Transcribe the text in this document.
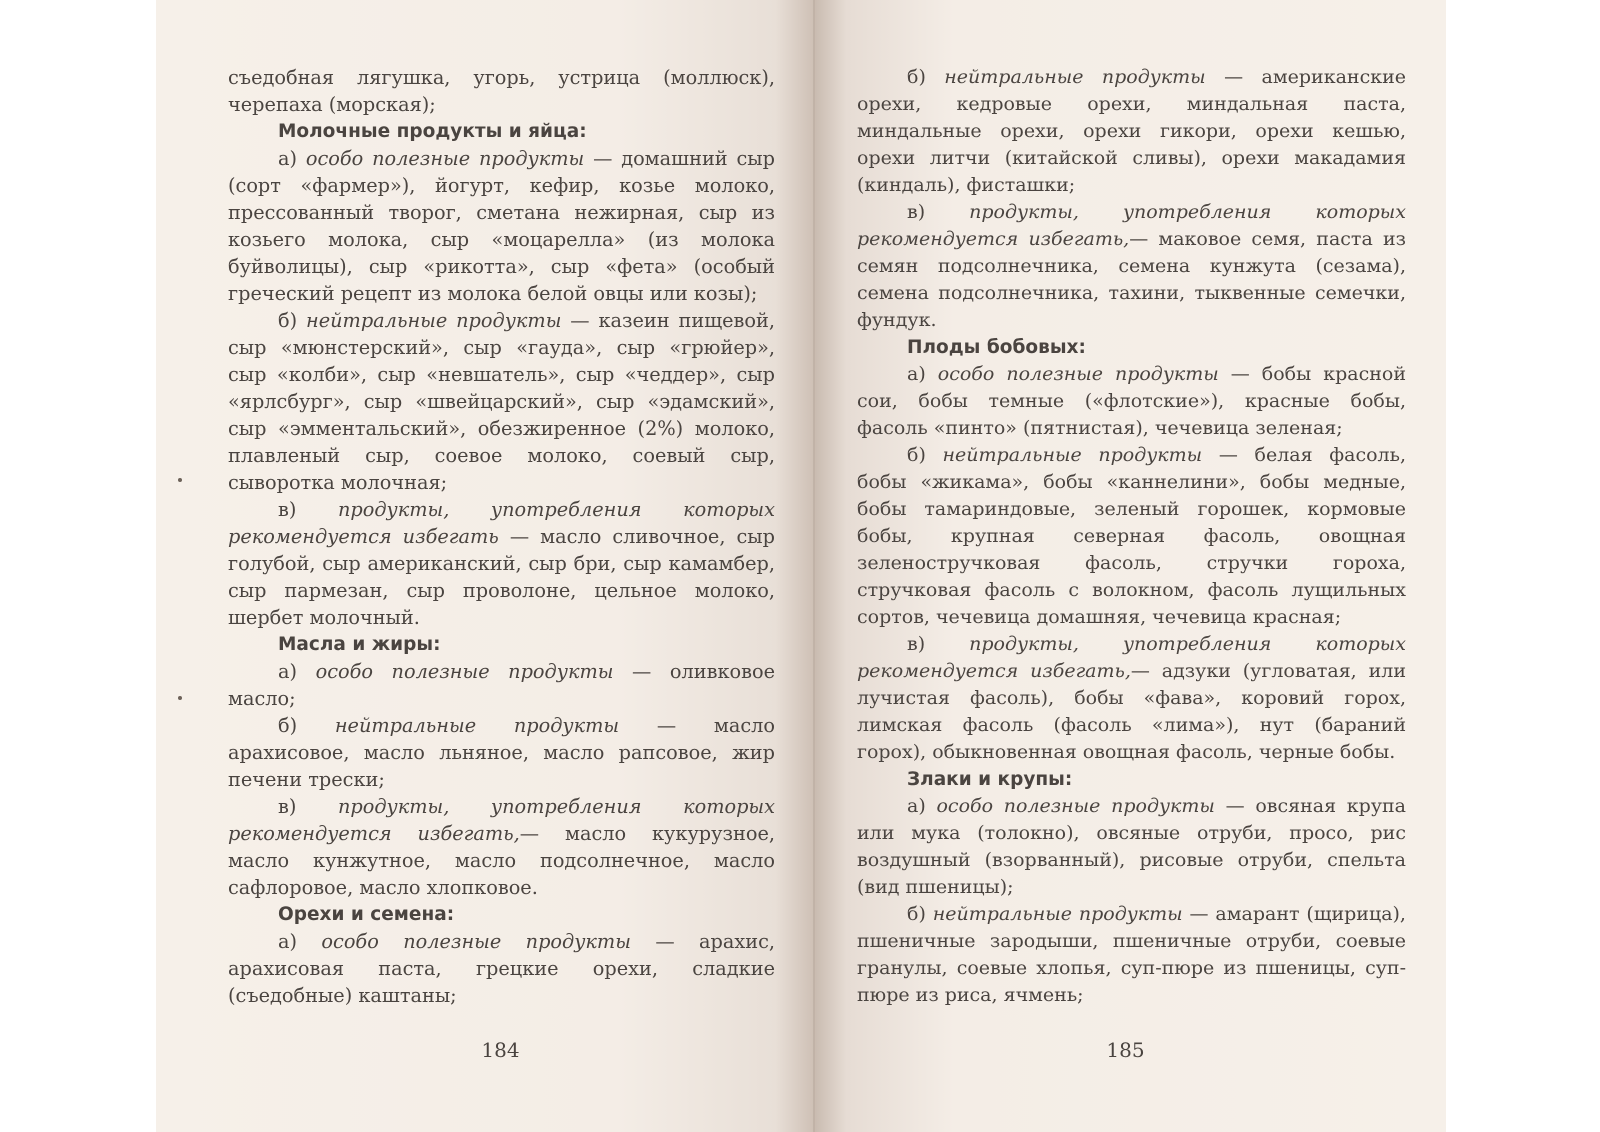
съедобная лягушка, угорь, устрица (моллюск), черепаха (морская);

Молочные продукты и яйца:

а) особо полезные продукты — домашний сыр (сорт «фармер»), йогурт, кефир, козье молоко, прессованный творог, сметана нежирная, сыр из козьего молока, сыр «моцарелла» (из молока буйволицы), сыр «рикотта», сыр «фета» (особый греческий рецепт из молока белой овцы или козы);

б) нейтральные продукты — казеин пищевой, сыр «мюнстерский», сыр «гауда», сыр «грюйер», сыр «колби», сыр «невшатель», сыр «чеддер», сыр «ярлсбург», сыр «швейцарский», сыр «эдамский», сыр «эмментальский», обезжиренное (2%) молоко, плавленый сыр, соевое молоко, соевый сыр, сыворотка молочная;

в) продукты, употребления которых рекомендуется избегать — масло сливочное, сыр голубой, сыр американский, сыр бри, сыр камамбер, сыр пармезан, сыр проволоне, цельное молоко, шербет молочный.

Масла и жиры:

а) особо полезные продукты — оливковое масло;

б) нейтральные продукты — масло арахисовое, масло льняное, масло рапсовое, жир печени трески;

в) продукты, употребления которых рекомендуется избегать,— масло кукурузное, масло кунжутное, масло подсолнечное, масло сафлоровое, масло хлопковое.

Орехи и семена:

а) особо полезные продукты — арахис, арахисовая паста, грецкие орехи, сладкие (съедобные) каштаны;

184

б) нейтральные продукты — американские орехи, кедровые орехи, миндальная паста, миндальные орехи, орехи гикори, орехи кешью, орехи литчи (китайской сливы), орехи макадамия (киндаль), фисташки;

в) продукты, употребления которых рекомендуется избегать,— маковое семя, паста из семян подсолнечника, семена кунжута (сезама), семена подсолнечника, тахини, тыквенные семечки, фундук.

Плоды бобовых:

а) особо полезные продукты — бобы красной сои, бобы темные («флотские»), красные бобы, фасоль «пинто» (пятнистая), чечевица зеленая;

б) нейтральные продукты — белая фасоль, бобы «жикама», бобы «каннелини», бобы медные, бобы тамариндовые, зеленый горошек, кормовые бобы, крупная северная фасоль, овощная зеленостручковая фасоль, стручки гороха, стручковая фасоль с волокном, фасоль лущильных сортов, чечевица домашняя, чечевица красная;

в) продукты, употребления которых рекомендуется избегать,— адзуки (угловатая, или лучистая фасоль), бобы «фава», коровий горох, лимская фасоль (фасоль «лима»), нут (бараний горох), обыкновенная овощная фасоль, черные бобы.

Злаки и крупы:

а) особо полезные продукты — овсяная крупа или мука (толокно), овсяные отруби, просо, рис воздушный (взорванный), рисовые отруби, спельта (вид пшеницы);

б) нейтральные продукты — амарант (щирица), пшеничные зародыши, пшеничные отруби, соевые гранулы, соевые хлопья, суп-пюре из пшеницы, суп-пюре из риса, ячмень;

185
